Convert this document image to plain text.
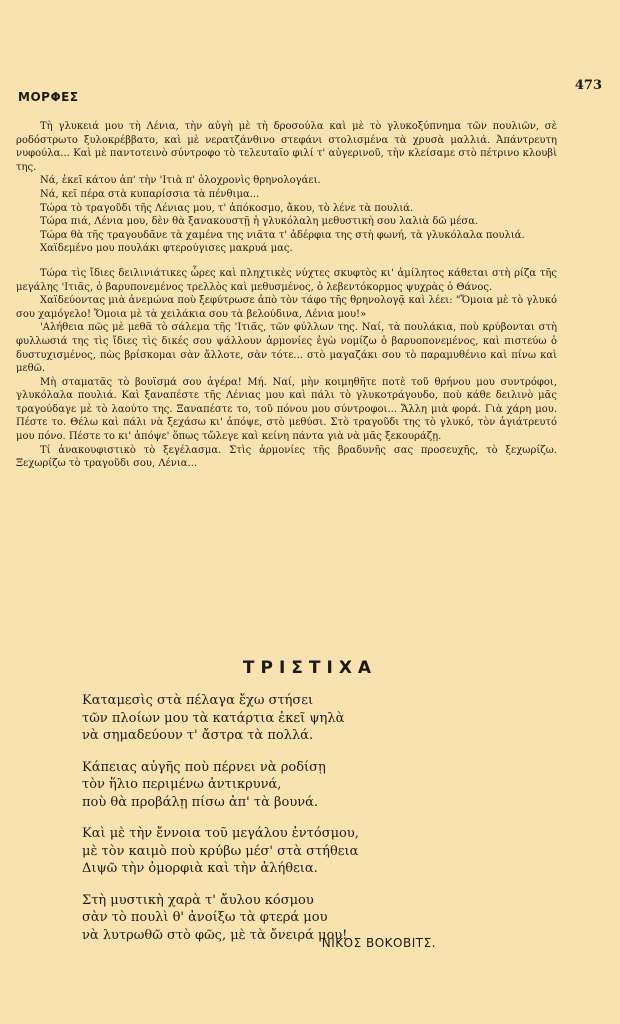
ΜΟΡΦΕΣ
473

Τὴ γλυκειά μου τὴ Λένια, τὴν αὐγὴ μὲ τὴ δροσούλα καὶ μὲ τὸ γλυκοξύπνημα τῶν πουλιῶν, σὲ ροδόστρωτο ξυλοκρέββατο, καὶ μὲ νερατζάνθινο στεφάνι στολισμένα τὰ χρυσὰ μαλλιά. Ἀπάντρευτη νυφούλα... Καὶ μὲ παντοτεινὸ σύντροφο τὸ τελευταῖο φιλί τ' αὐγερινοῦ, τὴν κλείσαμε στὸ πέτρινο κλουβὶ της.

Νά, ἐκεῖ κάτου ἀπ' τὴν 'Ιτιὰ π' ὁλοχρονὶς θρηνολογάει.

Νά, κεῖ πέρα στὰ κυπαρίσσια τὰ πένθιμα...

Τώρα τὸ τραγοῦδι τῆς Λένιας μου, τ' ἀπόκοσμο, ἄκου, τὸ λένε τὰ πουλιά.

Τώρα πιά, Λένια μου, δὲν θὰ ξανακουστῇ ἡ γλυκόλαλη μεθυστικὴ σου λαλιὰ δῶ μέσα.

Τώρα θὰ τῆς τραγουδᾶνε τὰ χαμένα της νιᾶτα τ' ἀδέρφια της στὴ φωνή, τὰ γλυκόλαλα πουλιά.

Χαϊδεμένο μου πουλάκι φτερούγισες μακρυά μας.

Τώρα τὶς ἴδιες δειλινιάτικες ὧρες καὶ πληχτικὲς νύχτες σκυφτὸς κι' ἀμίλητος κάθεται στὴ ρίζα τῆς μεγάλης 'Ιτιᾶς, ὁ βαρυπονεμένος τρελλὸς καὶ μεθυσμένος, ὁ λεβεντόκορμος ψυχρὰς ὁ Θάνος.

Χαϊδεύοντας μιὰ ἀνεμώνα ποὺ ξεφύτρωσε ἀπὸ τὸν τάφο τῆς θρηνολογᾷ καὶ λέει: "Ὅμοια μὲ τὸ γλυκό σου χαμόγελο! Ὅμοια μὲ τὰ χειλάκια σου τὰ βελούδινα, Λένια μου!»

'Αλήθεια πῶς μὲ μεθᾶ τὸ σάλεμα τῆς 'Ιτιᾶς, τῶν φύλλων της. Ναί, τὰ πουλάκια, ποὺ κρύβονται στὴ φυλλωσιά της τὶς ἴδιες τὶς δικές σου ψάλλουν ἁρμονίες ἐγὼ νομίζω ὁ βαρυοπονεμένος, καὶ πιστεύω ὁ δυστυχισμένος, πὼς βρίσκομαι σὰν ἄλλοτε, σὰν τότε... στὸ μαγαζάκι σου τὸ παραμυθένιο καὶ πίνω καὶ μεθῶ.

Μὴ σταματᾶς τὸ βουϊσμά σου ἀγέρα! Μή. Ναί, μὴν κοιμηθῆτε ποτὲ τοῦ θρήνου μου συντρόφοι, γλυκόλαλα πουλιά. Καὶ ξαναπέστε τῆς Λένιας μου καὶ πάλι τὸ γλυκοτράγουδο, ποὺ κάθε δειλινὸ μᾶς τραγούδαγε μὲ τὸ λαούτο της. Ξαναπέστε το, τοῦ πόνου μου σύντροφοι... Ἄλλη μιὰ φορά. Γιὰ χάρη μου. Πέστε το. Θέλω καὶ πάλι νὰ ξεχάσω κι' ἀπόψε, στὸ μεθύσι. Στὸ τραγοῦδι της τὸ γλυκό, τὸν ἀγιάτρευτό μου πόνο. Πέστε το κι' ἀπόψε' ὅπως τὤλεγε καὶ κείνη πάντα γιὰ νὰ μᾶς ξεκουράζῃ.

Τί ἀνακουφιστικὸ τὸ ξεγέλασμα. Στὶς ἁρμονίες τῆς βραδυνῆς σας προσευχῆς, τὸ ξεχωρίζω. Ξεχωρίζω τὸ τραγοῦδι σου, Λένια...

ΤΡΙΣΤΙΧΑ
Καταμεσὶς στὰ πέλαγα ἔχω στήσει
τῶν πλοίων μου τὰ κατάρτια ἐκεῖ ψηλὰ
νὰ σημαδεύουν τ' ἄστρα τὰ πολλά.
Κάπειας αὐγῆς ποὺ πέρνει νὰ ροδίσῃ
τὸν ἥλιο περιμένω ἀντικρυνά,
ποὺ θὰ προβάλῃ πίσω ἀπ' τὰ βουνά.
Καὶ μὲ τὴν ἔννοια τοῦ μεγάλου ἐντόσμου,
μὲ τὸν καιμὸ ποὺ κρύβω μέσ' στὰ στήθεια
Διψῶ τὴν ὀμορφιὰ καὶ τὴν ἀλήθεια.
Στὴ μυστικὴ χαρὰ τ' ἄυλου κόσμου
σὰν τὸ πουλὶ θ' ἀνοίξω τὰ φτερά μου
νὰ λυτρωθῶ στὸ φῶς, μὲ τὰ ὄνειρά μου!
ΝΙΚΟΣ ΒΟΚΟΒΙΤΣ.
